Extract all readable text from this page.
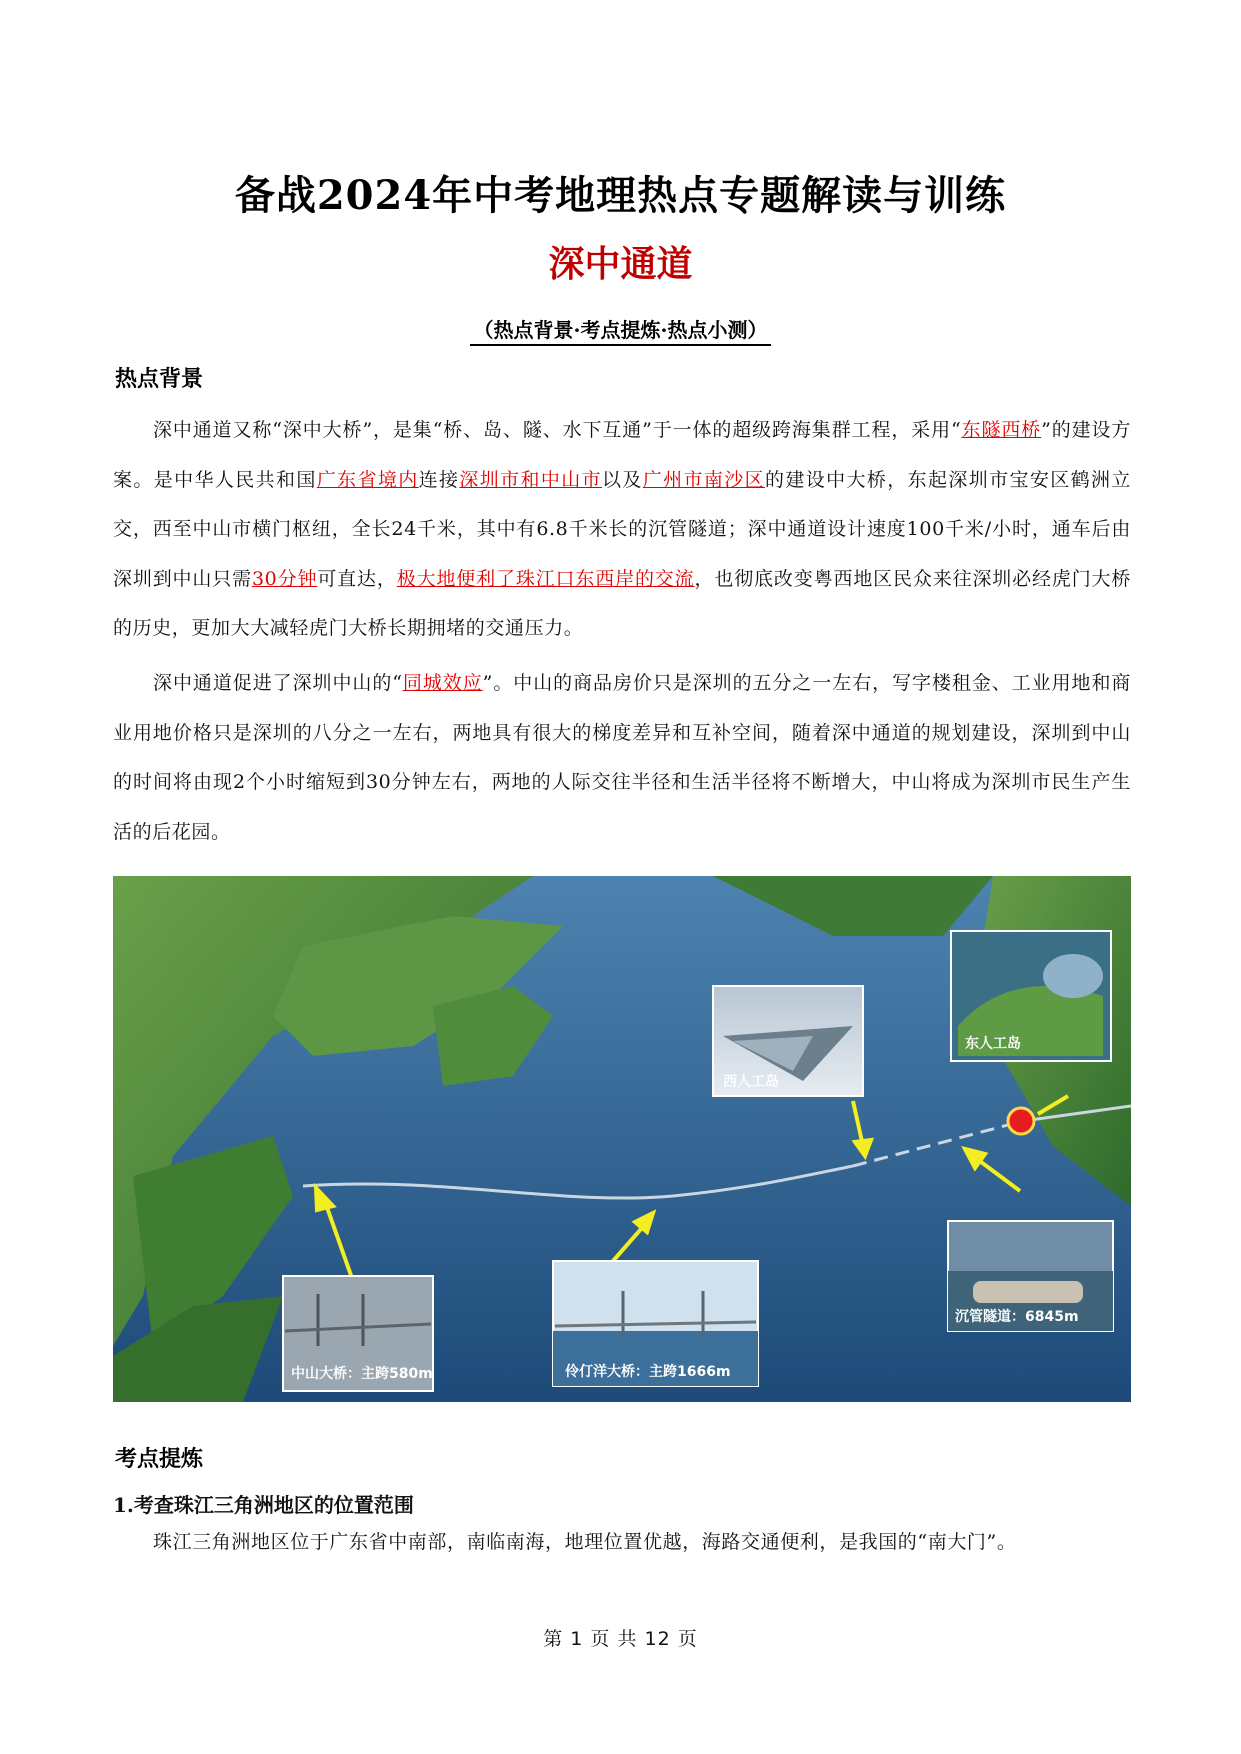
备战2024年中考地理热点专题解读与训练
深中通道
（热点背景·考点提炼·热点小测）
热点背景
深中通道又称“深中大桥”，是集“桥、岛、隧、水下互通”于一体的超级跨海集群工程，采用“东隧西桥”的建设方案。是中华人民共和国广东省境内连接深圳市和中山市以及广州市南沙区的建设中大桥，东起深圳市宝安区鹤洲立交，西至中山市横门枢纽，全长24千米，其中有6.8千米长的沉管隧道；深中通道设计速度100千米/小时，通车后由深圳到中山只需30分钟可直达，极大地便利了珠江口东西岸的交流，也彻底改变粤西地区民众来往深圳必经虎门大桥的历史，更加大大减轻虎门大桥长期拥堵的交通压力。
深中通道促进了深圳中山的“同城效应”。中山的商品房价只是深圳的五分之一左右，写字楼租金、工业用地和商业用地价格只是深圳的八分之一左右，两地具有很大的梯度差异和互补空间，随着深中通道的规划建设，深圳到中山的时间将由现2个小时缩短到30分钟左右，两地的人际交往半径和生活半径将不断增大，中山将成为深圳市民生产生活的后花园。
西人工岛
东人工岛
中山大桥：主跨580m	伶仃洋大桥：主跨1666m
沉管隧道：6845m
考点提炼
1.考查珠江三角洲地区的位置范围
珠江三角洲地区位于广东省中南部，南临南海，地理位置优越，海路交通便利，是我国的“南大门”。
第 1 页 共 12 页
